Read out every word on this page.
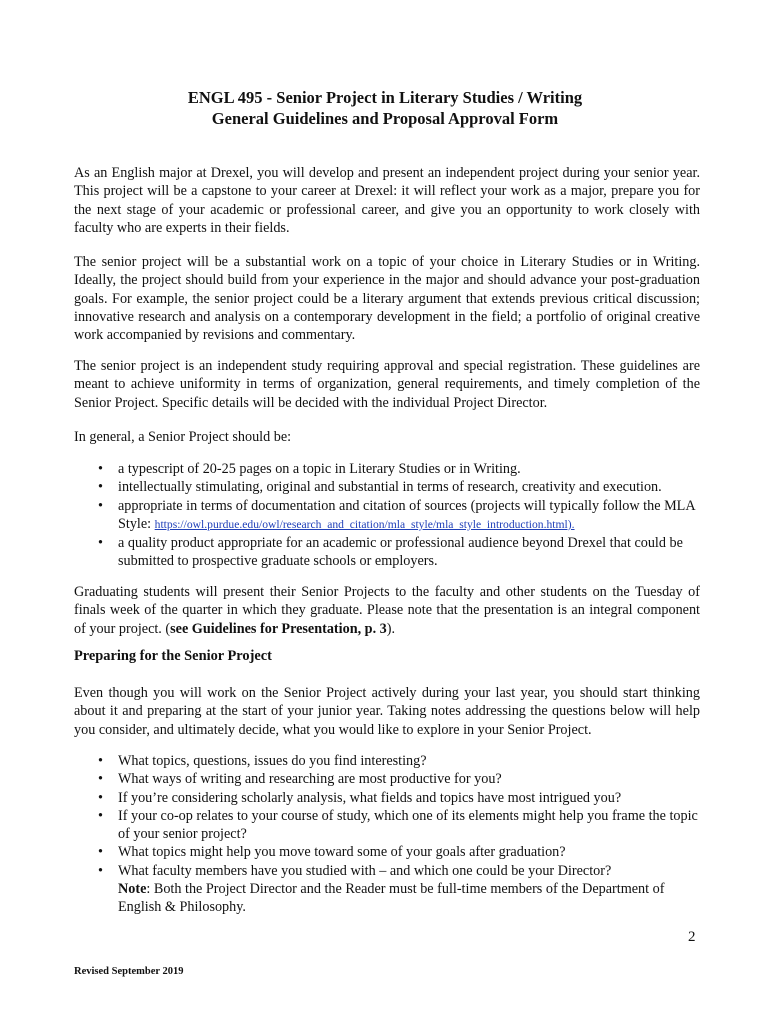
ENGL 495 - Senior Project in Literary Studies / Writing
General Guidelines and Proposal Approval Form
As an English major at Drexel, you will develop and present an independent project during your senior year. This project will be a capstone to your career at Drexel: it will reflect your work as a major, prepare you for the next stage of your academic or professional career, and give you an opportunity to work closely with faculty who are experts in their fields.
The senior project will be a substantial work on a topic of your choice in Literary Studies or in Writing. Ideally, the project should build from your experience in the major and should advance your post-graduation goals. For example, the senior project could be a literary argument that extends previous critical discussion; innovative research and analysis on a contemporary development in the field; a portfolio of original creative work accompanied by revisions and commentary.
The senior project is an independent study requiring approval and special registration. These guidelines are meant to achieve uniformity in terms of organization, general requirements, and timely completion of the Senior Project. Specific details will be decided with the individual Project Director.
In general, a Senior Project should be:
• a typescript of 20-25 pages on a topic in Literary Studies or in Writing.
• intellectually stimulating, original and substantial in terms of research, creativity and execution.
• appropriate in terms of documentation and citation of sources (projects will typically follow the MLA Style: https://owl.purdue.edu/owl/research_and_citation/mla_style/mla_style_introduction.html).
• a quality product appropriate for an academic or professional audience beyond Drexel that could be submitted to prospective graduate schools or employers.
Graduating students will present their Senior Projects to the faculty and other students on the Tuesday of finals week of the quarter in which they graduate. Please note that the presentation is an integral component of your project. (see Guidelines for Presentation, p. 3).
Preparing for the Senior Project
Even though you will work on the Senior Project actively during your last year, you should start thinking about it and preparing at the start of your junior year. Taking notes addressing the questions below will help you consider, and ultimately decide, what you would like to explore in your Senior Project.
• What topics, questions, issues do you find interesting?
• What ways of writing and researching are most productive for you?
• If you’re considering scholarly analysis, what fields and topics have most intrigued you?
• If your co-op relates to your course of study, which one of its elements might help you frame the topic of your senior project?
• What topics might help you move toward some of your goals after graduation?
• What faculty members have you studied with – and which one could be your Director?
Note: Both the Project Director and the Reader must be full-time members of the Department of English & Philosophy.
2
Revised September 2019
